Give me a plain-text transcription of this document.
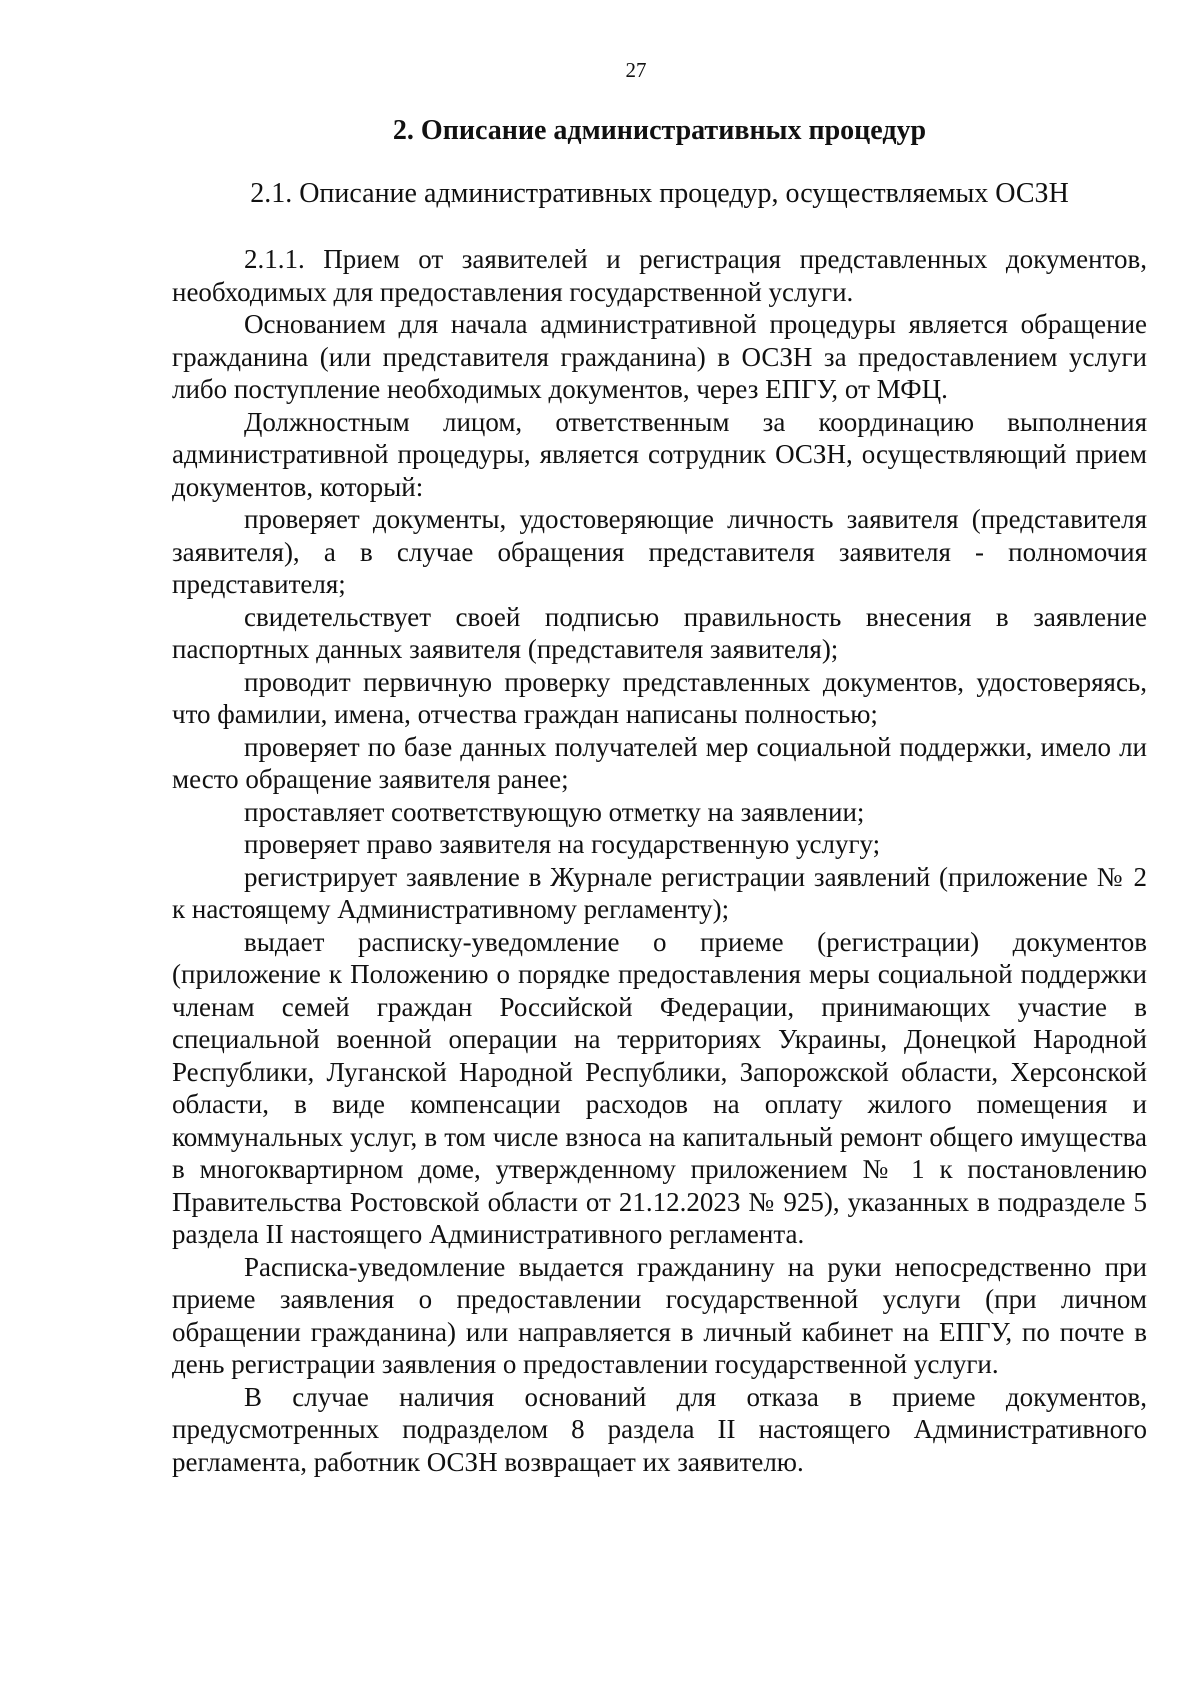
27
2. Описание административных процедур
2.1. Описание административных процедур, осуществляемых ОСЗН

2.1.1. Прием от заявителей и регистрация представленных документов, необходимых для предоставления государственной услуги.

Основанием для начала административной процедуры является обращение гражданина (или представителя гражданина) в ОСЗН за предоставлением услуги либо поступление необходимых документов, через ЕПГУ, от МФЦ.

Должностным лицом, ответственным за координацию выполнения административной процедуры, является сотрудник ОСЗН, осуществляющий прием документов, который:

проверяет документы, удостоверяющие личность заявителя (представителя заявителя), а в случае обращения представителя заявителя - полномочия представителя;

свидетельствует своей подписью правильность внесения в заявление паспортных данных заявителя (представителя заявителя);

проводит первичную проверку представленных документов, удостоверяясь, что фамилии, имена, отчества граждан написаны полностью;

проверяет по базе данных получателей мер социальной поддержки, имело ли место обращение заявителя ранее;

проставляет соответствующую отметку на заявлении;

проверяет право заявителя на государственную услугу;

регистрирует заявление в Журнале регистрации заявлений (приложение № 2 к настоящему Административному регламенту);

выдает расписку-уведомление о приеме (регистрации) документов (приложение к Положению о порядке предоставления меры социальной поддержки членам семей граждан Российской Федерации, принимающих участие в специальной военной операции на территориях Украины, Донецкой Народной Республики, Луганской Народной Республики, Запорожской области, Херсонской области, в виде компенсации расходов на оплату жилого помещения и коммунальных услуг, в том числе взноса на капитальный ремонт общего имущества в многоквартирном доме, утвержденному приложением № 1 к постановлению Правительства Ростовской области от 21.12.2023 № 925), указанных в подразделе 5 раздела II настоящего Административного регламента.

Расписка-уведомление выдается гражданину на руки непосредственно при приеме заявления о предоставлении государственной услуги (при личном обращении гражданина) или направляется в личный кабинет на ЕПГУ, по почте в день регистрации заявления о предоставлении государственной услуги.

В случае наличия оснований для отказа в приеме документов, предусмотренных подразделом 8 раздела II настоящего Административного регламента, работник ОСЗН возвращает их заявителю.
